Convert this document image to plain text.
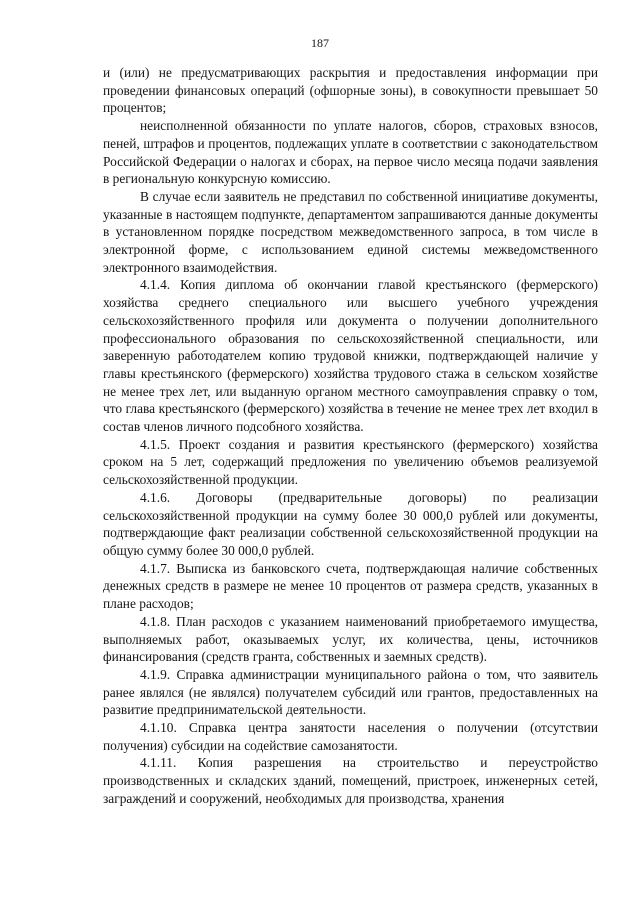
187

и (или) не предусматривающих раскрытия и предоставления информации при проведении финансовых операций (офшорные зоны), в совокупности превышает 50 процентов;

неисполненной обязанности по уплате налогов, сборов, страховых взносов, пеней, штрафов и процентов, подлежащих уплате в соответствии с законодательством Российской Федерации о налогах и сборах, на первое число месяца подачи заявления в региональную конкурсную комиссию.

В случае если заявитель не представил по собственной инициативе документы, указанные в настоящем подпункте, департаментом запрашиваются данные документы в установленном порядке посредством межведомственного запроса, в том числе в электронной форме, с использованием единой системы межведомственного электронного взаимодействия.

4.1.4. Копия диплома об окончании главой крестьянского (фермерского) хозяйства среднего специального или высшего учебного учреждения сельскохозяйственного профиля или документа о получении дополнительного профессионального образования по сельскохозяйственной специальности, или заверенную работодателем копию трудовой книжки, подтверждающей наличие у главы крестьянского (фермерского) хозяйства трудового стажа в сельском хозяйстве не менее трех лет, или выданную органом местного самоуправления справку о том, что глава крестьянского (фермерского) хозяйства в течение не менее трех лет входил в состав членов личного подсобного хозяйства.

4.1.5. Проект создания и развития крестьянского (фермерского) хозяйства сроком на 5 лет, содержащий предложения по увеличению объемов реализуемой сельскохозяйственной продукции.

4.1.6. Договоры (предварительные договоры) по реализации сельскохозяйственной продукции на сумму более 30 000,0 рублей или документы, подтверждающие факт реализации собственной сельскохозяйственной продукции на общую сумму более 30 000,0 рублей.

4.1.7. Выписка из банковского счета, подтверждающая наличие собственных денежных средств в размере не менее 10 процентов от размера средств, указанных в плане расходов;

4.1.8. План расходов с указанием наименований приобретаемого имущества, выполняемых работ, оказываемых услуг, их количества, цены, источников финансирования (средств гранта, собственных и заемных средств).

4.1.9. Справка администрации муниципального района о том, что заявитель ранее являлся (не являлся) получателем субсидий или грантов, предоставленных на развитие предпринимательской деятельности.

4.1.10. Справка центра занятости населения о получении (отсутствии получения) субсидии на содействие самозанятости.

4.1.11. Копия разрешения на строительство и переустройство производственных и складских зданий, помещений, пристроек, инженерных сетей, заграждений и сооружений, необходимых для производства, хранения
